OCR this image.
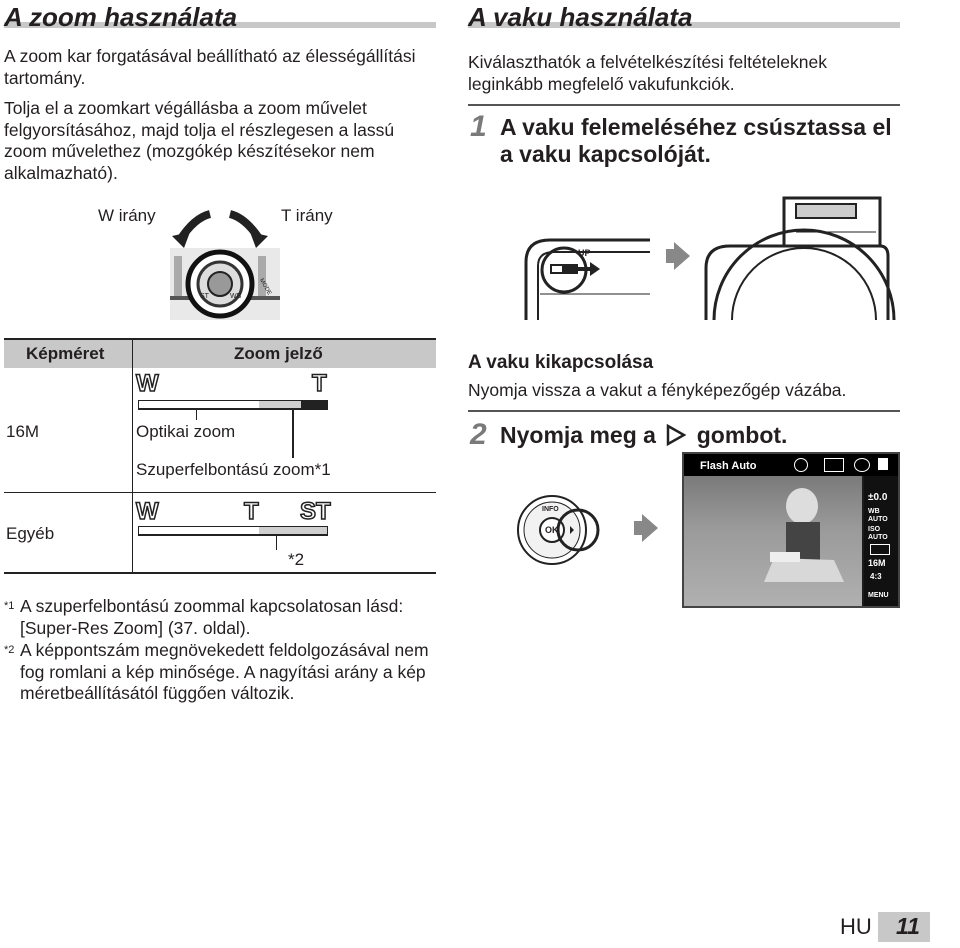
A zoom használata
A zoom kar forgatásával beállítható az élességállítási tartomány.
Tolja el a zoomkart végállásba a zoom művelet felgyorsításához, majd tolja el részlegesen a lassú zoom művelethez (mozgókép készítésekor nem alkalmazható).
W irány	T irány
ST	WB
MODE
Képméret	Zoom jelző
16M
W	T
Optikai zoom
Szuperfelbontású zoom*1
Egyéb
W	T ST
*2
*1 A szuperfelbontású zoommal kapcsolatosan lásd: [Super-Res Zoom] (37. oldal).
*2 A képpontszám megnövekedett feldolgozásával nem fog romlani a kép minősége. A nagyítási arány a kép méretbeállításától függően változik.
A vaku használata
Kiválaszthatók a felvételkészítési feltételeknek leginkább megfelelő vakufunkciók.
1 A vaku felemeléséhez csúsztassa el a vaku kapcsolóját.
UP
A vaku kikapcsolása
Nyomja vissza a vakut a fényképezőgép vázába.
2 Nyomja meg a gombot.
INFO
OK
Flash Auto
±0.0
WB AUTO
ISO AUTO
16M
4:3
MENU
HU 11
